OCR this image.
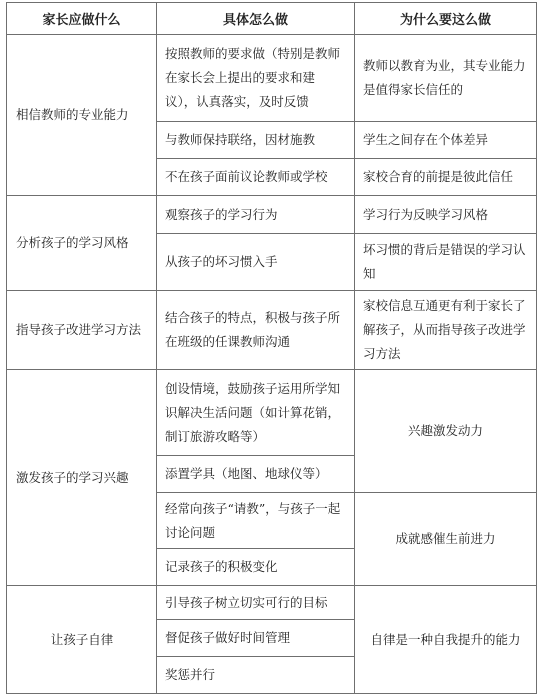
家长应做什么	具体怎么做	为什么要这么做
相信教师的专业能力	按照教师的要求做（特别是教师在家长会上提出的要求和建议），认真落实，及时反馈	教师以教育为业，其专业能力是值得家长信任的
	与教师保持联络，因材施教	学生之间存在个体差异
	不在孩子面前议论教师或学校	家校合育的前提是彼此信任
分析孩子的学习风格	观察孩子的学习行为	学习行为反映学习风格
	从孩子的坏习惯入手	坏习惯的背后是错误的学习认知
指导孩子改进学习方法	结合孩子的特点，积极与孩子所在班级的任课教师沟通	家校信息互通更有利于家长了解孩子，从而指导孩子改进学习方法
激发孩子的学习兴趣	创设情境，鼓励孩子运用所学知识解决生活问题（如计算花销，制订旅游攻略等）	兴趣激发动力
	添置学具（地图、地球仪等）	
	经常向孩子“请教”，与孩子一起讨论问题	成就感催生前进力
	记录孩子的积极变化	
让孩子自律	引导孩子树立切实可行的目标	自律是一种自我提升的能力
	督促孩子做好时间管理	
	奖惩并行	
